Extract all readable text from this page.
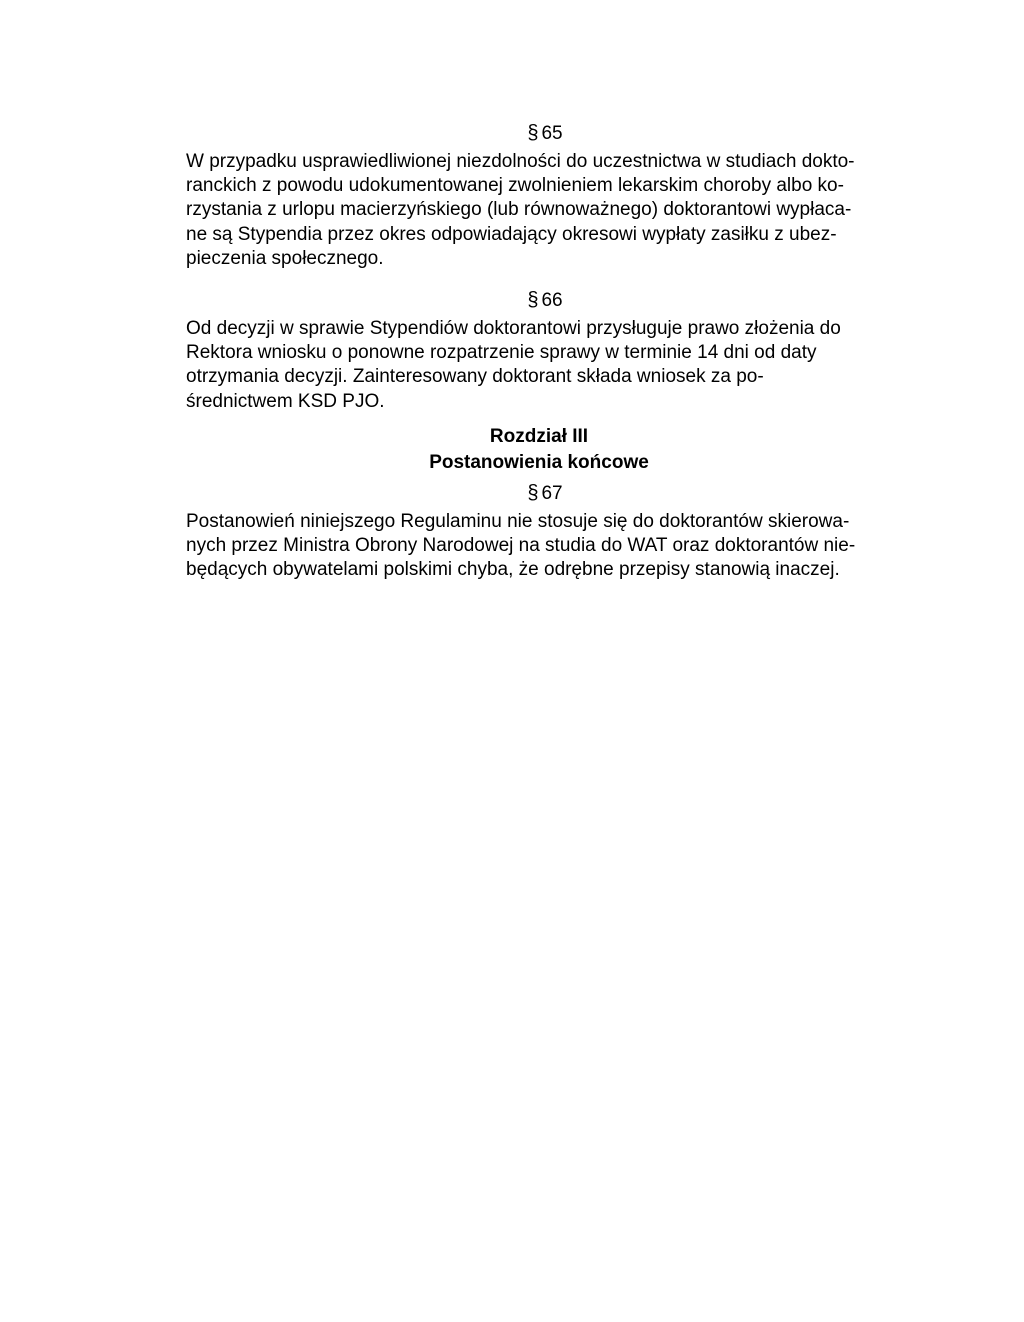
§ 65

W przypadku usprawiedliwionej niezdolności do uczestnictwa w studiach dokto-
ranckich z powodu udokumentowanej zwolnieniem lekarskim choroby albo ko-
rzystania z urlopu macierzyńskiego (lub równoważnego) doktorantowi wypłaca-
ne są Stypendia przez okres odpowiadający okresowi wypłaty zasiłku z ubez-
pieczenia społecznego.

§ 66

Od decyzji w sprawie Stypendiów doktorantowi przysługuje prawo złożenia do
Rektora wniosku o ponowne rozpatrzenie sprawy w terminie 14 dni od daty
otrzymania decyzji. Zainteresowany doktorant składa wniosek za po-
średnictwem KSD PJO.

Rozdział III

Postanowienia końcowe

§ 67

Postanowień niniejszego Regulaminu nie stosuje się do doktorantów skierowa-
nych przez Ministra Obrony Narodowej na studia do WAT oraz doktorantów nie-
będących obywatelami polskimi chyba, że odrębne przepisy stanowią inaczej.
